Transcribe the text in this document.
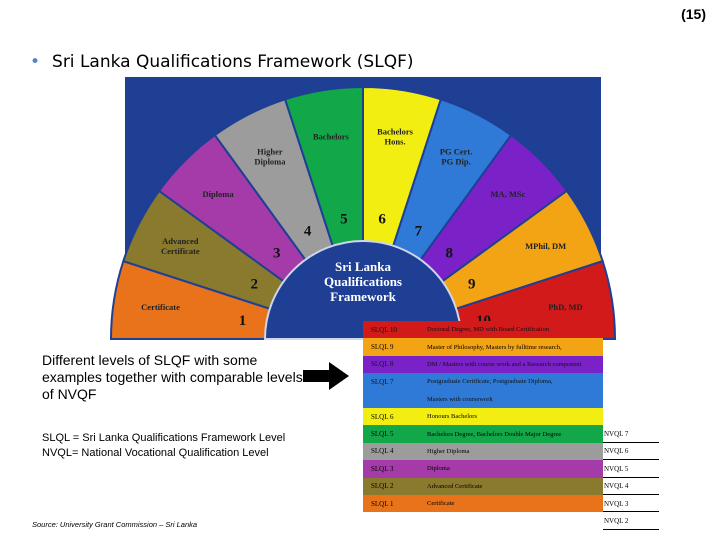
(15)
• Sri Lanka Qualifications Framework (SLQF)
1
Certificate
2
Advanced Certificate	3
Diploma
4
Higher Diploma
5
Bachelors
6
Bachelors Hons.
7
PG Cert. PG Dip.
8
MA, MSc
9
MPhil, DM
PhD, MD
Sri Lanka
Qualifications
Framework
Different levels of SLQF with some examples together with comparable levels of NVQF
SLQL = Sri Lanka Qualifications Framework Level
NVQL= National Vocational Qualification Level
SLQL 10	Doctoral Degree, MD with Board Certification
SLQL 9	Master of Philosophy, Masters by fulltime research,
SLQL 8	DM / Masters with course work and a Research component
SLQL 7	Postgraduate Certificate, Postgraduate Diploma,
Masters with coursework
SLQL 6	Honours Bachelors
SLQL 5	Bachelors Degree, Bachelors Double Major Degree	NVQL 7
SLQL 4	Higher Diploma	NVQL 6
SLQL 3	Diploma	NVQL 5
SLQL 2	Advanced Certificate	NVQL 4
SLQL 1	Certificate	NVQL 3
NVQL 2
Source: University Grant Commission – Sri Lanka
